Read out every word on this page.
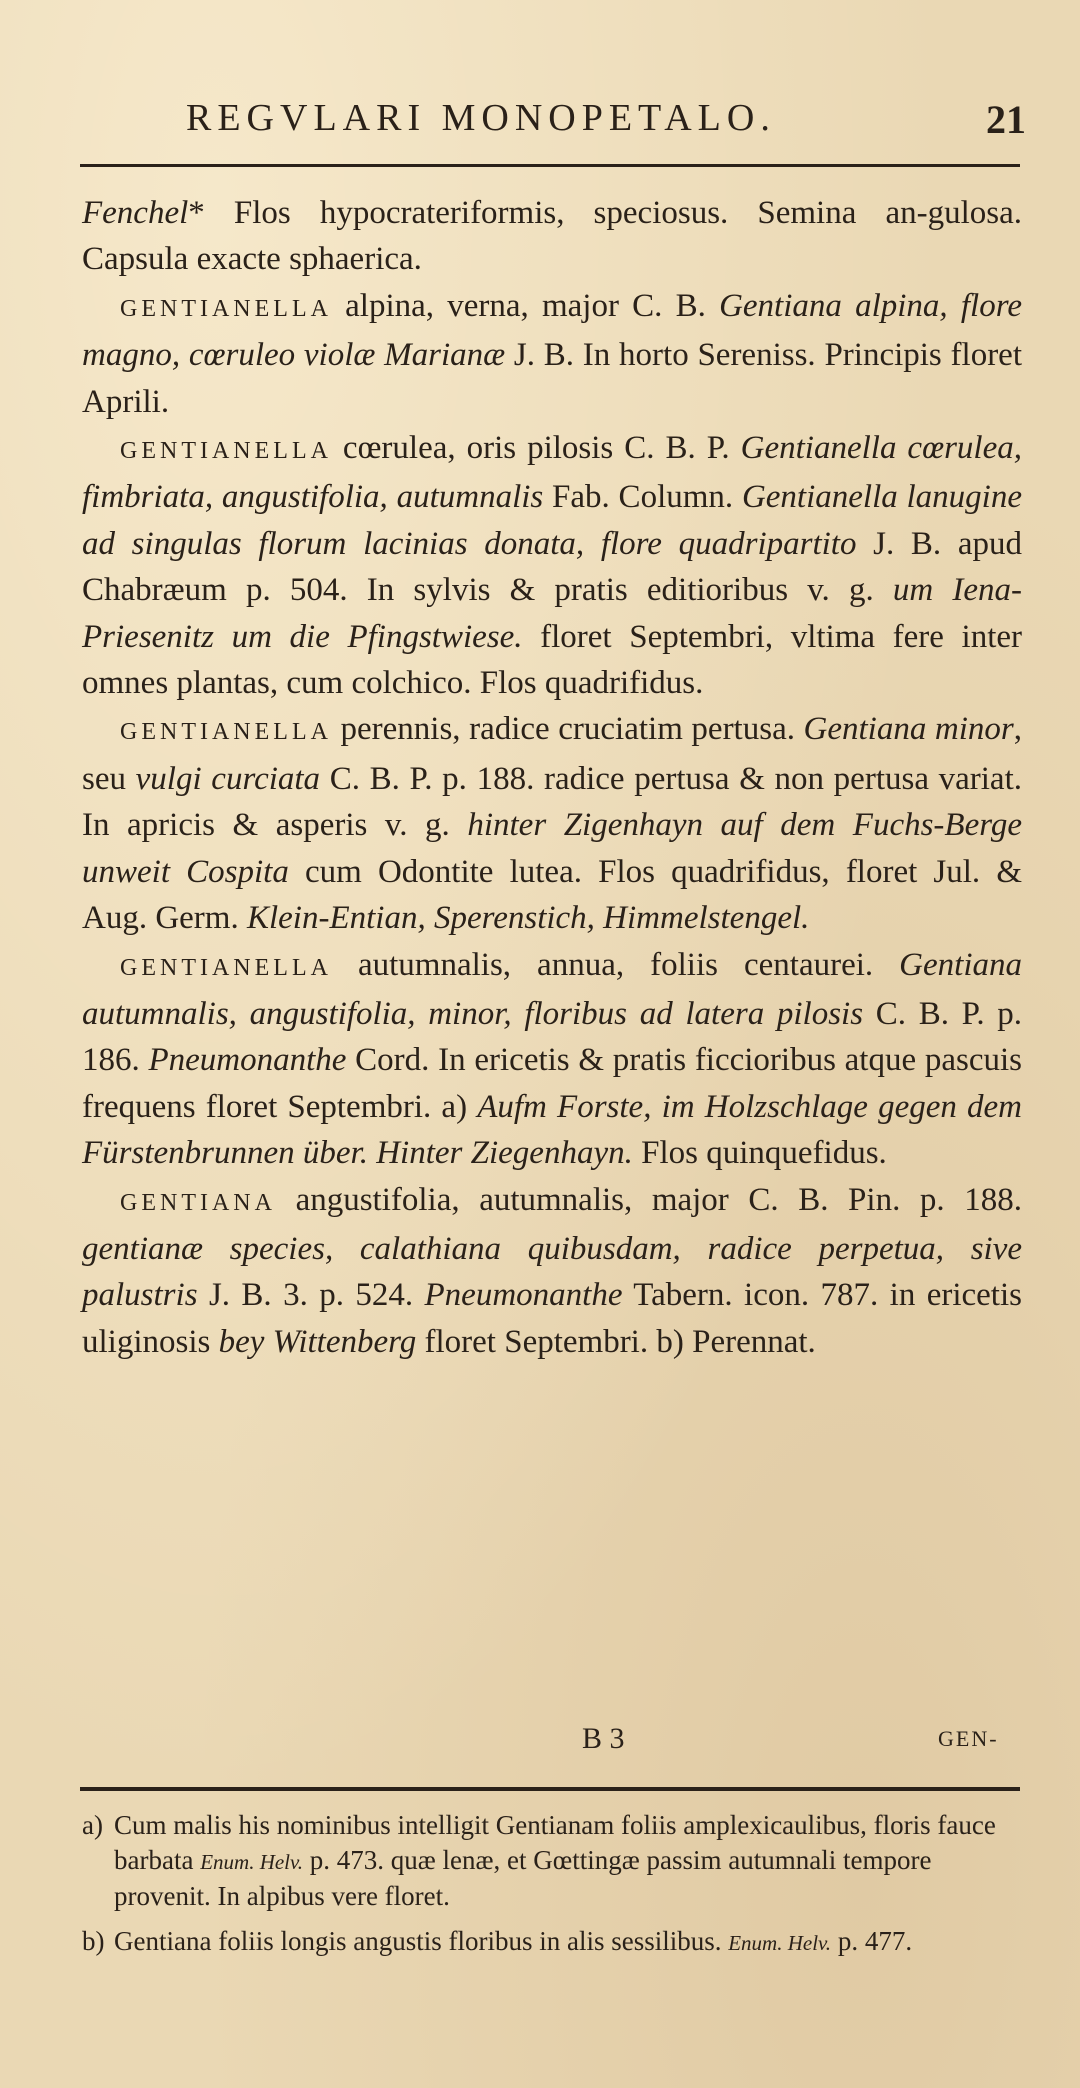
REGVLARI MONOPETALO.	21

Fenchel* Flos hypocrateriformis, speciosus. Semina an-gulosa. Capsula exacte sphaerica.

GENTIANELLA alpina, verna, major C. B. Gentiana alpina, flore magno, cœruleo violæ Marianæ J. B. In horto Sereniss. Principis floret Aprili.

GENTIANELLA cœrulea, oris pilosis C. B. P. Gentianella cœrulea, fimbriata, angustifolia, autumnalis Fab. Column. Gentianella lanugine ad singulas florum lacinias donata, flore quadripartito J. B. apud Chabræum p. 504. In sylvis & pratis editioribus v. g. um Iena-Priesenitz um die Pfingstwiese. floret Septembri, vltima fere inter omnes plantas, cum colchico. Flos quadrifidus.

GENTIANELLA perennis, radice cruciatim pertusa. Gentiana minor, seu vulgi curciata C. B. P. p. 188. radice pertusa & non pertusa variat. In apricis & asperis v. g. hinter Zigenhayn auf dem Fuchs-Berge unweit Cospita cum Odontite lutea. Flos quadrifidus, floret Jul. & Aug. Germ. Klein-Entian, Sperenstich, Himmelstengel.

GENTIANELLA autumnalis, annua, foliis centaurei. Gentiana autumnalis, angustifolia, minor, floribus ad latera pilosis C. B. P. p. 186. Pneumonanthe Cord. In ericetis & pratis ficcioribus atque pascuis frequens floret Septembri. a) Aufm Forste, im Holzschlage gegen dem Fürstenbrunnen über. Hinter Ziegenhayn. Flos quinquefidus.

GENTIANA angustifolia, autumnalis, major C. B. Pin. p. 188. gentianæ species, calathiana quibusdam, radice perpetua, sive palustris J. B. 3. p. 524. Pneumonanthe Tabern. icon. 787. in ericetis uliginosis bey Wittenberg floret Septembri. b) Perennat.

B 3	GEN-
a) Cum malis his nominibus intelligit Gentianam foliis amplexicaulibus, floris fauce barbata Enum. Helv. p. 473. quæ lenæ, et Gœttingæ passim autumnali tempore provenit. In alpibus vere floret.
b) Gentiana foliis longis angustis floribus in alis sessilibus. Enum. Helv. p. 477.
